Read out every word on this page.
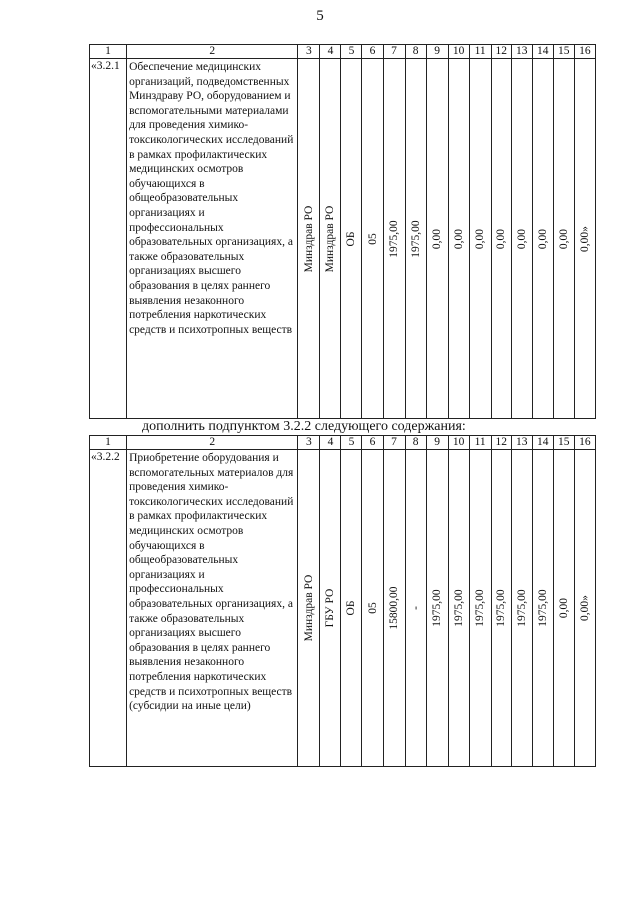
5
1	2	3	4	5	6	7	8	9	10	11	12	13	14	15	16
«3.2.1	Обеспечение медицинских организаций, подведомственных Минздраву РО, оборудованием и вспомогательными материалами для проведения химико-токсикологических исследований в рамках профилактических медицинских осмотров обучающихся в общеобразовательных организациях и профессиональных образовательных организациях, а также образовательных организациях высшего образования в целях раннего выявления незаконного потребления наркотических средств и психотропных веществ	Минздрав РО	Минздрав РО	ОБ	05	1975,00	1975,00	0,00	0,00	0,00	0,00	0,00	0,00	0,00	0,00»
дополнить подпунктом 3.2.2 следующего содержания:
1	2	3	4	5	6	7	8	9	10	11	12	13	14	15	16
«3.2.2	Приобретение оборудования и вспомогательных материалов для проведения химико-токсикологических исследований в рамках профилактических медицинских осмотров обучающихся в общеобразовательных организациях и профессиональных образовательных организациях, а также образовательных организациях высшего образования в целях раннего выявления незаконного потребления наркотических средств и психотропных веществ (субсидии на иные цели)	Минздрав РО	ГБУ РО	ОБ	05	15800,00	-	1975,00	1975,00	1975,00	1975,00	1975,00	1975,00	0,00	0,00»
